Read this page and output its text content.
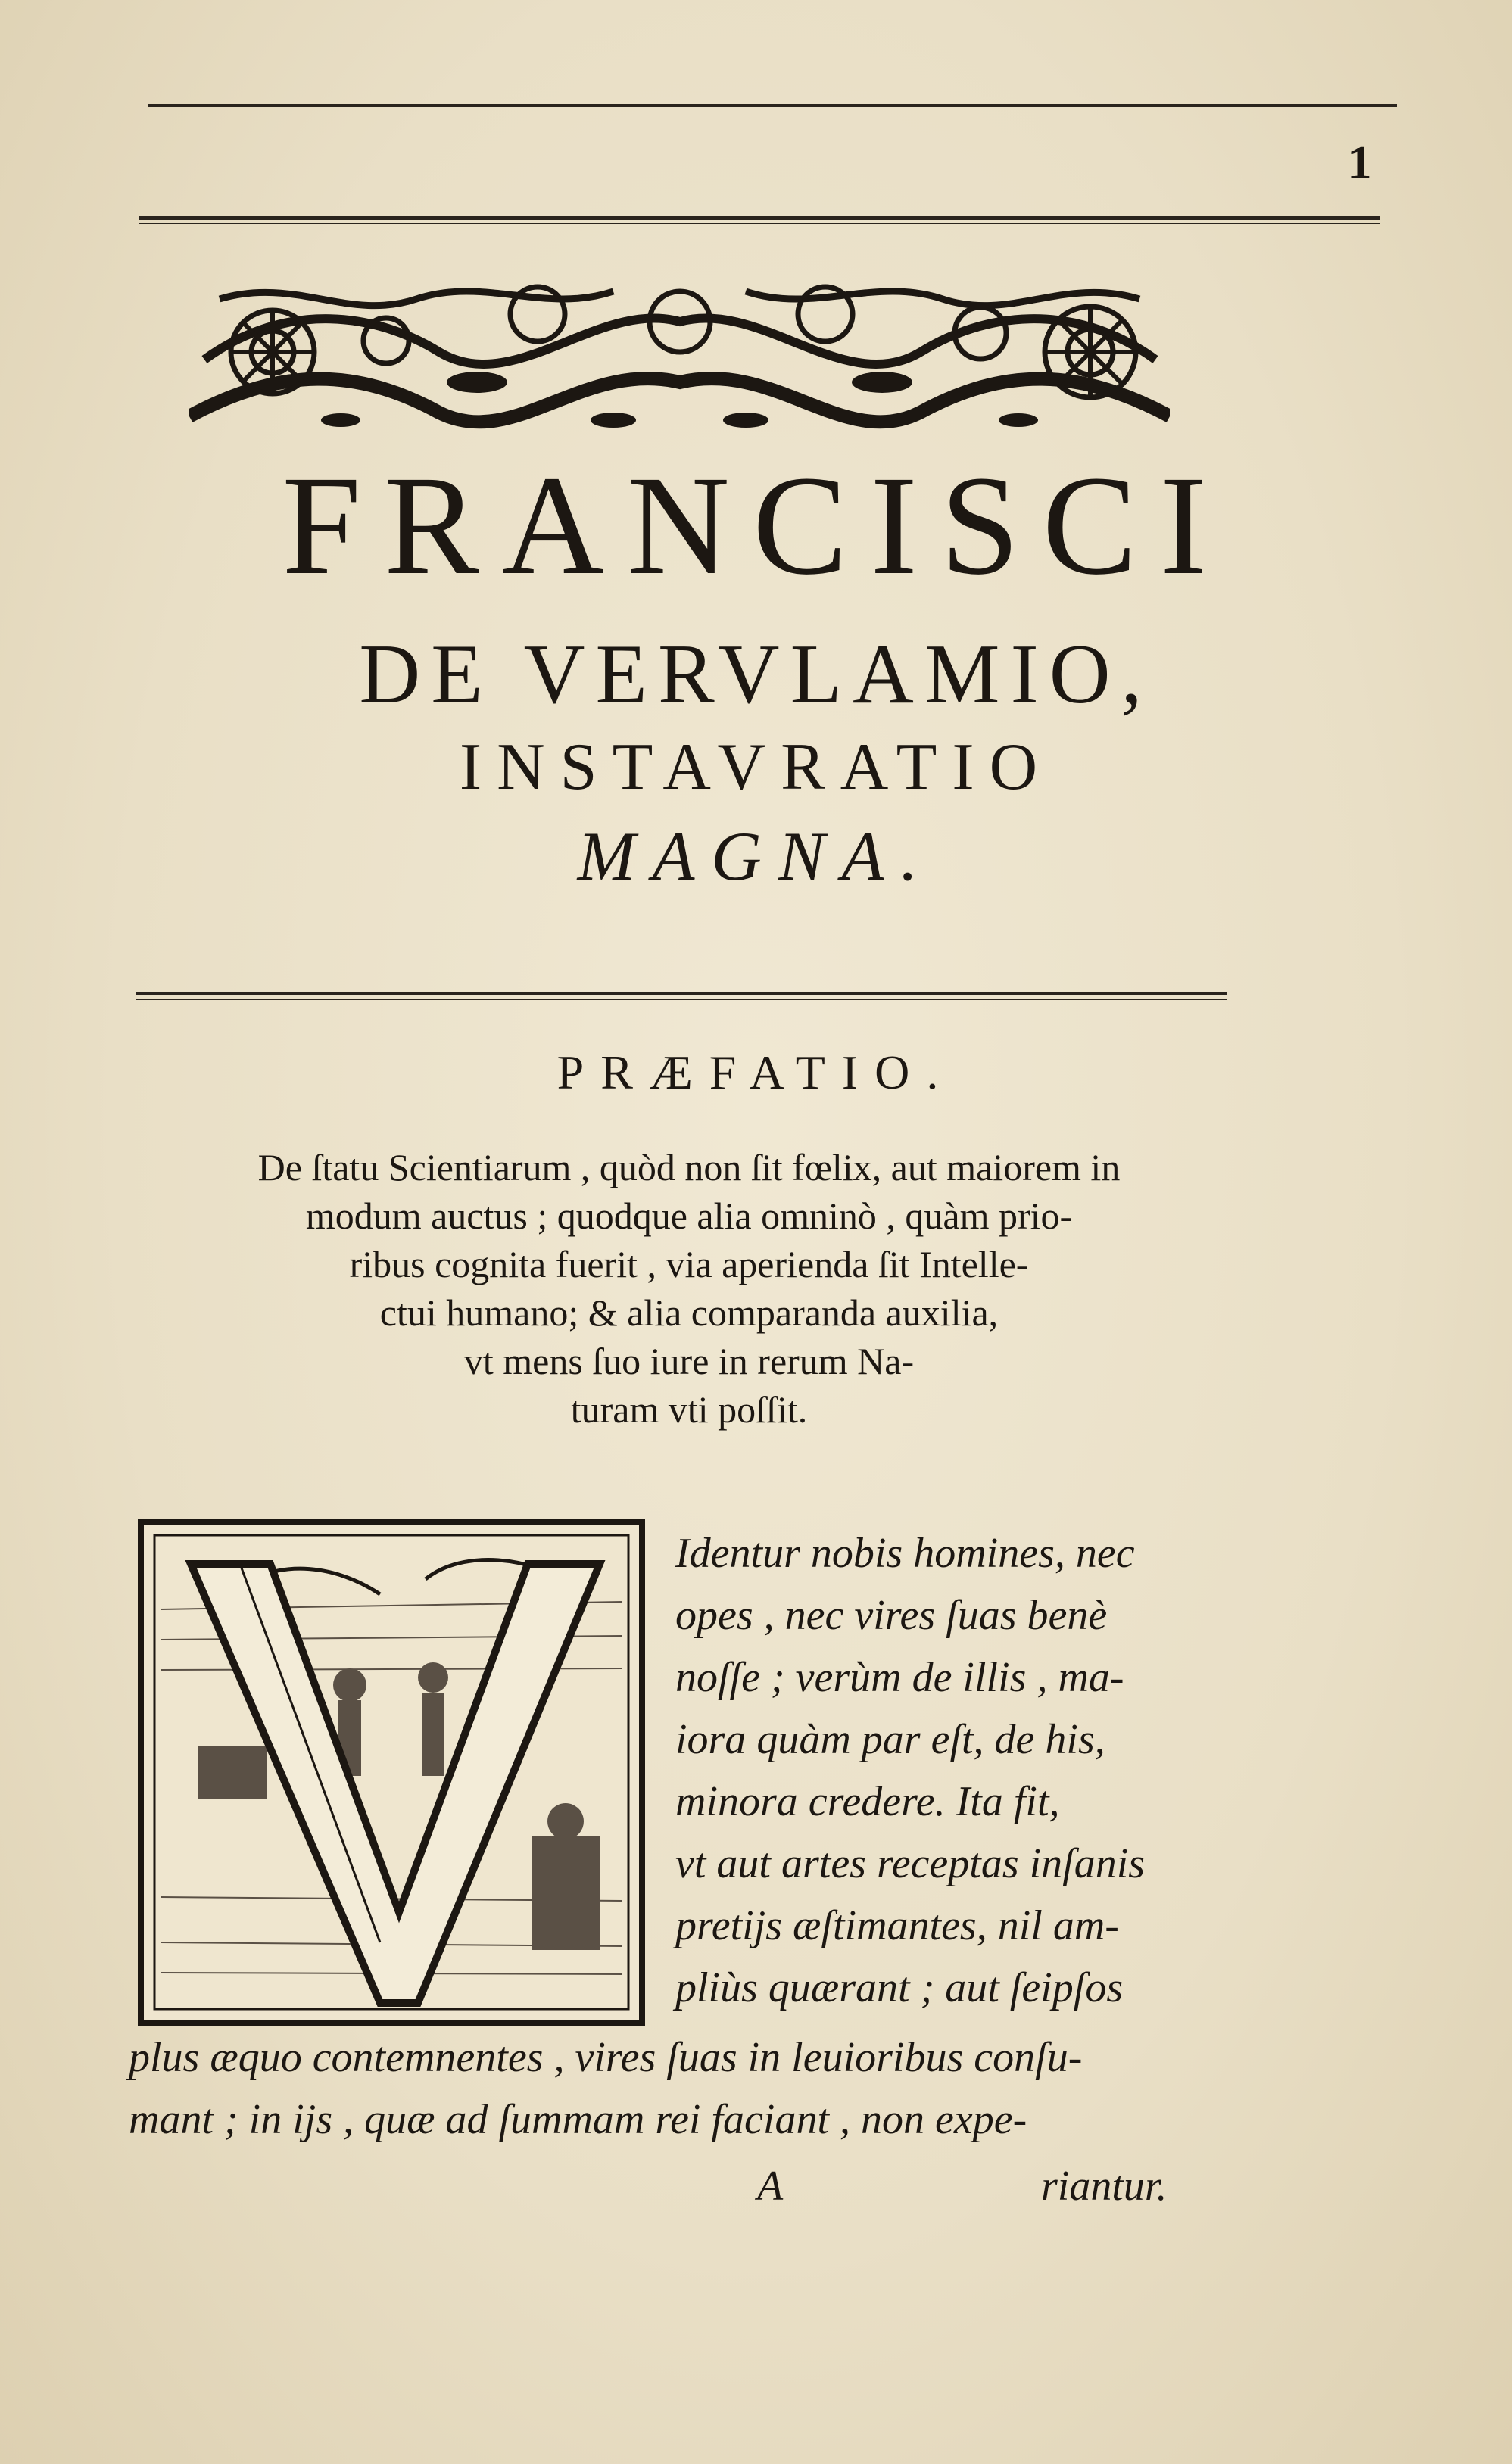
1
FRANCISCI
DE VERVLAMIO,
INSTAVRATIO
MAGNA.
PRÆFATIO.
De ſtatu Scientiarum , quòd non ſit fœlix, aut maiorem in
modum auctus ; quodque alia omninò , quàm prio-
ribus cognita fuerit , via aperienda ſit Intelle-
ctui humano; & alia comparanda auxilia,
vt mens ſuo iure in rerum Na-
turam vti poſſit.
Identur nobis homines, nec
opes , nec vires ſuas benè
noſſe ; verùm de illis , ma-
iora quàm par eſt, de his,
minora credere. Ita fit,
vt aut artes receptas inſanis
pretijs æſtimantes, nil am-
pliùs quærant ; aut ſeipſos
plus æquo contemnentes , vires ſuas in leuioribus conſu-
mant ; in ijs , quæ ad ſummam rei faciant , non expe-
A	riantur.
